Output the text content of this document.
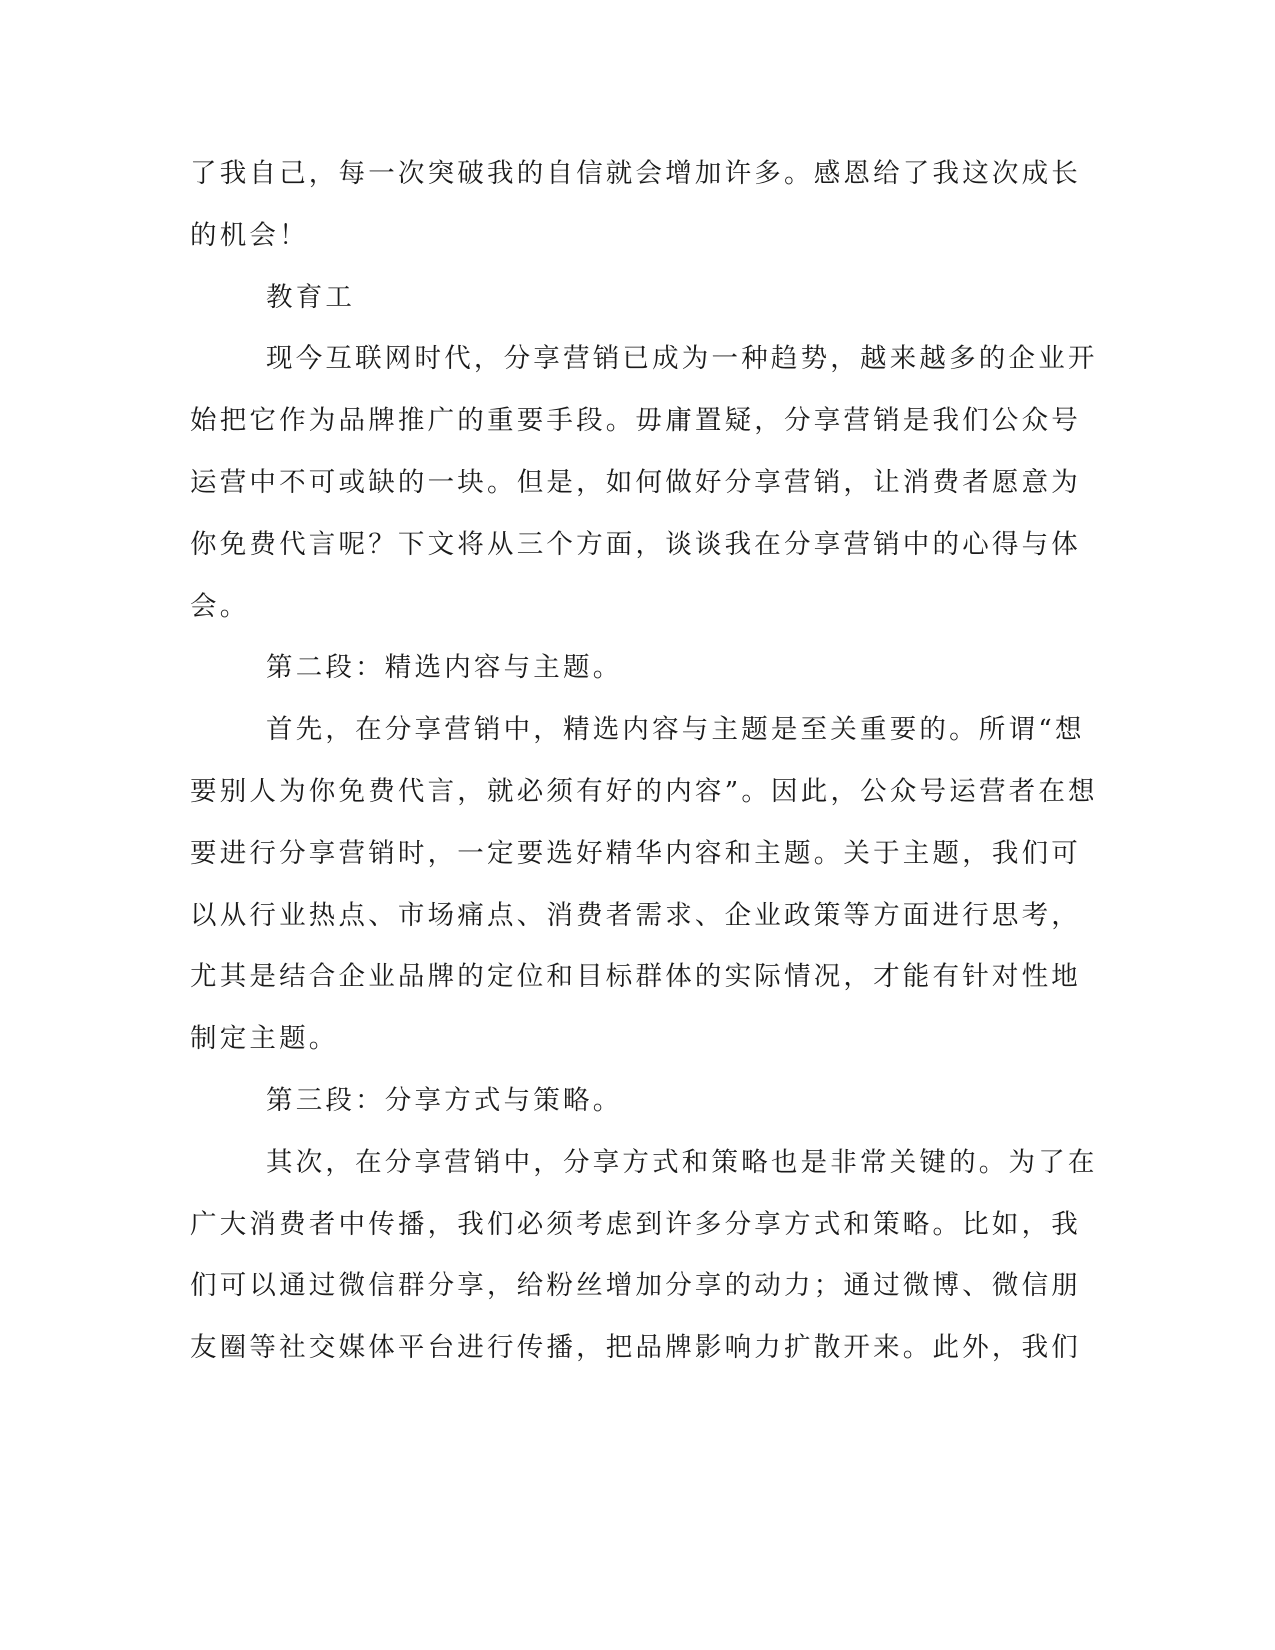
了我自己，每一次突破我的自信就会增加许多。感恩给了我这次成长
的机会！
教育工
现今互联网时代，分享营销已成为一种趋势，越来越多的企业开
始把它作为品牌推广的重要手段。毋庸置疑，分享营销是我们公众号
运营中不可或缺的一块。但是，如何做好分享营销，让消费者愿意为
你免费代言呢？下文将从三个方面，谈谈我在分享营销中的心得与体
会。
第二段：精选内容与主题。
首先，在分享营销中，精选内容与主题是至关重要的。所谓“想
要别人为你免费代言，就必须有好的内容”。因此，公众号运营者在想
要进行分享营销时，一定要选好精华内容和主题。关于主题，我们可
以从行业热点、市场痛点、消费者需求、企业政策等方面进行思考，
尤其是结合企业品牌的定位和目标群体的实际情况，才能有针对性地
制定主题。
第三段：分享方式与策略。
其次，在分享营销中，分享方式和策略也是非常关键的。为了在
广大消费者中传播，我们必须考虑到许多分享方式和策略。比如，我
们可以通过微信群分享，给粉丝增加分享的动力；通过微博、微信朋
友圈等社交媒体平台进行传播，把品牌影响力扩散开来。此外，我们
